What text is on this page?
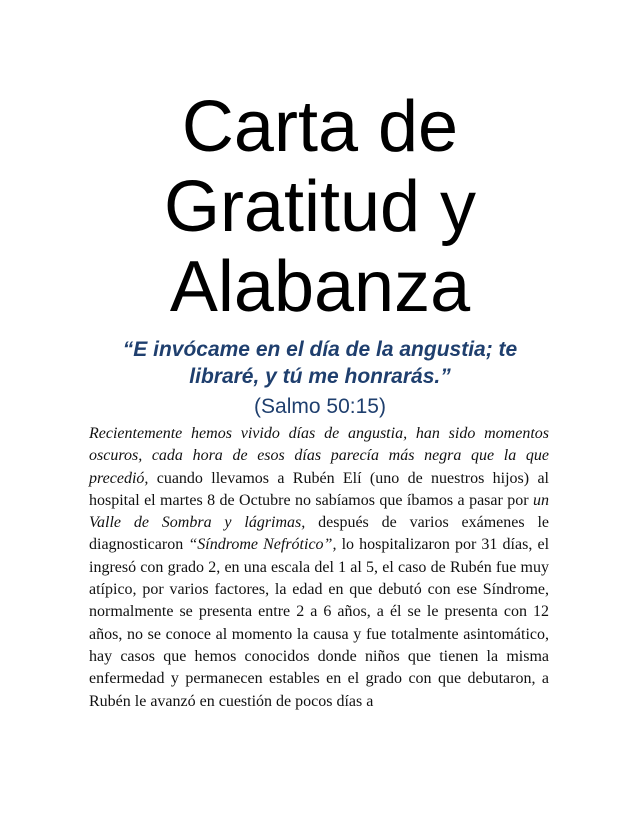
Carta de
Gratitud y
Alabanza
“E invócame en el día de la angustia; te libraré, y tú me honrarás.”
(Salmo 50:15)
Recientemente hemos vivido días de angustia, han sido momentos oscuros, cada hora de esos días parecía más negra que la que precedió, cuando llevamos a Rubén Elí (uno de nuestros hijos) al hospital el martes 8 de Octubre no sabíamos que íbamos a pasar por un Valle de Sombra y lágrimas, después de varios exámenes le diagnosticaron “Síndrome Nefrótico”, lo hospitalizaron por 31 días, el ingresó con grado 2, en una escala del 1 al 5, el caso de Rubén fue muy atípico, por varios factores, la edad en que debutó con ese Síndrome, normalmente se presenta entre 2 a 6 años, a él se le presenta con 12 años, no se conoce al momento la causa y fue totalmente asintomático, hay casos que hemos conocidos donde niños que tienen la misma enfermedad y permanecen estables en el grado con que debutaron, a Rubén le avanzó en cuestión de pocos días a
